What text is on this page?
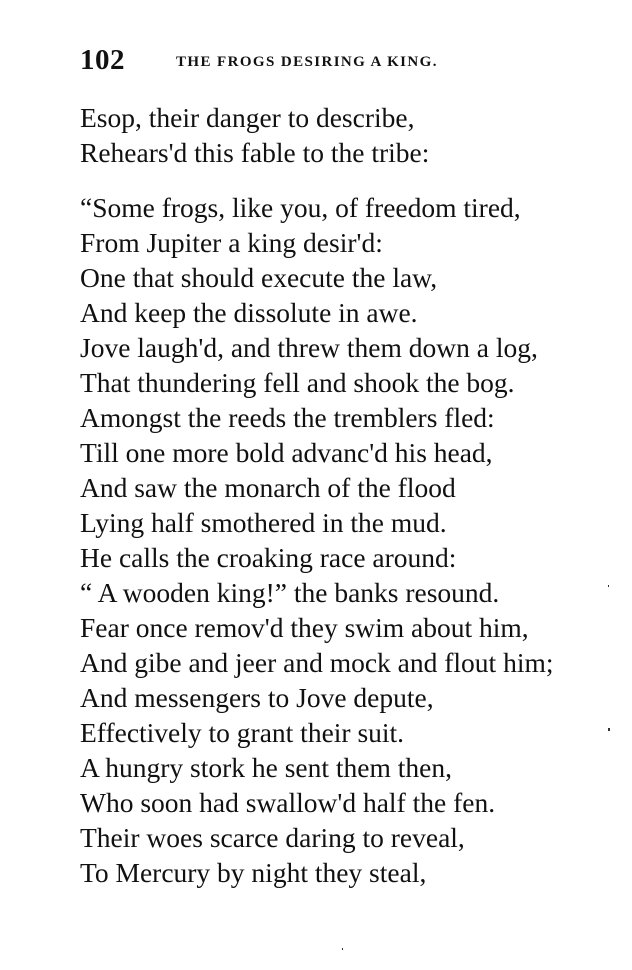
102	THE FROGS DESIRING A KING.
Esop, their danger to describe,
Rehears'd this fable to the tribe:
“Some frogs, like you, of freedom tired,
From Jupiter a king desir'd:
One that should execute the law,
And keep the dissolute in awe.
Jove laugh'd, and threw them down a log,
That thundering fell and shook the bog.
Amongst the reeds the tremblers fled:
Till one more bold advanc'd his head,
And saw the monarch of the flood
Lying half smothered in the mud.
He calls the croaking race around:
“ A wooden king!” the banks resound.
Fear once remov'd they swim about him,
And gibe and jeer and mock and flout him;
And messengers to Jove depute,
Effectively to grant their suit.
A hungry stork he sent them then,
Who soon had swallow'd half the fen.
Their woes scarce daring to reveal,
To Mercury by night they steal,
